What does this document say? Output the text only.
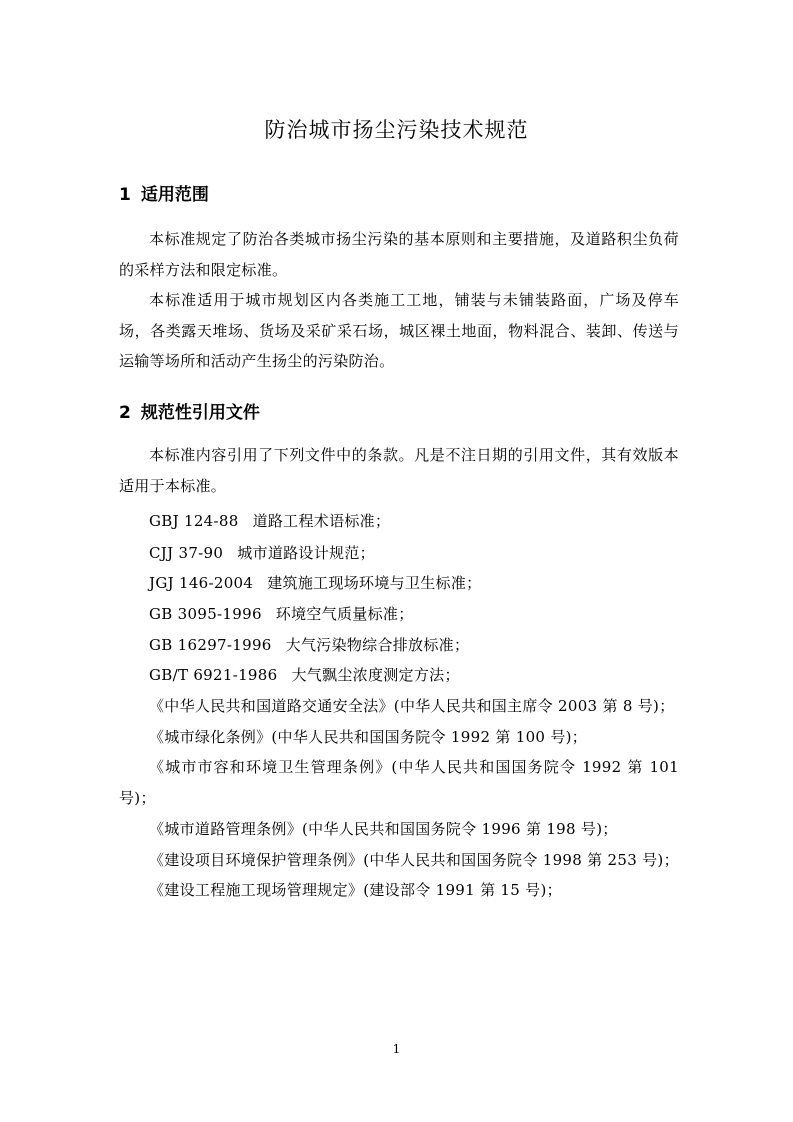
防治城市扬尘污染技术规范
1 适用范围
本标准规定了防治各类城市扬尘污染的基本原则和主要措施，及道路积尘负荷的采样方法和限定标准。
本标准适用于城市规划区内各类施工工地，铺装与未铺装路面，广场及停车场，各类露天堆场、货场及采矿采石场，城区裸土地面，物料混合、装卸、传送与运输等场所和活动产生扬尘的污染防治。
2 规范性引用文件
本标准内容引用了下列文件中的条款。凡是不注日期的引用文件，其有效版本适用于本标准。
GBJ 124-88 道路工程术语标准；
CJJ 37-90 城市道路设计规范；
JGJ 146-2004 建筑施工现场环境与卫生标准；
GB 3095-1996 环境空气质量标准；
GB 16297-1996 大气污染物综合排放标准；
GB/T 6921-1986 大气飘尘浓度测定方法；
《中华人民共和国道路交通安全法》(中华人民共和国主席令 2003 第 8 号)；
《城市绿化条例》(中华人民共和国国务院令 1992 第 100 号)；
《城市市容和环境卫生管理条例》(中华人民共和国国务院令 1992 第 101 号)；
《城市道路管理条例》(中华人民共和国国务院令 1996 第 198 号)；
《建设项目环境保护管理条例》(中华人民共和国国务院令 1998 第 253 号)；
《建设工程施工现场管理规定》(建设部令 1991 第 15 号)；
1
